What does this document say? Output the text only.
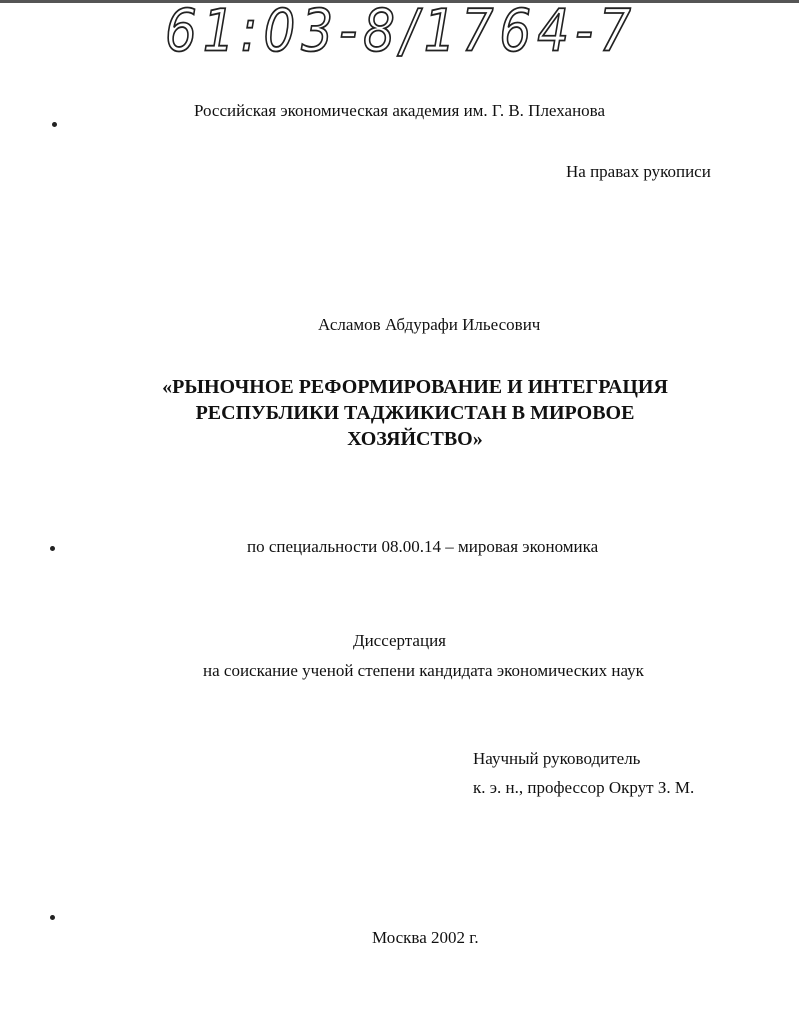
61:03-8/1764-7
Российская экономическая академия им. Г. В. Плеханова
На правах рукописи
Асламов Абдурафи Ильесович
«РЫНОЧНОЕ РЕФОРМИРОВАНИЕ И ИНТЕГРАЦИЯ
РЕСПУБЛИКИ ТАДЖИКИСТАН В МИРОВОЕ
ХОЗЯЙСТВО»
по специальности 08.00.14 – мировая экономика
Диссертация
на соискание ученой степени кандидата экономических наук
Научный руководитель
к. э. н., профессор Окрут З. М.
Москва 2002 г.
